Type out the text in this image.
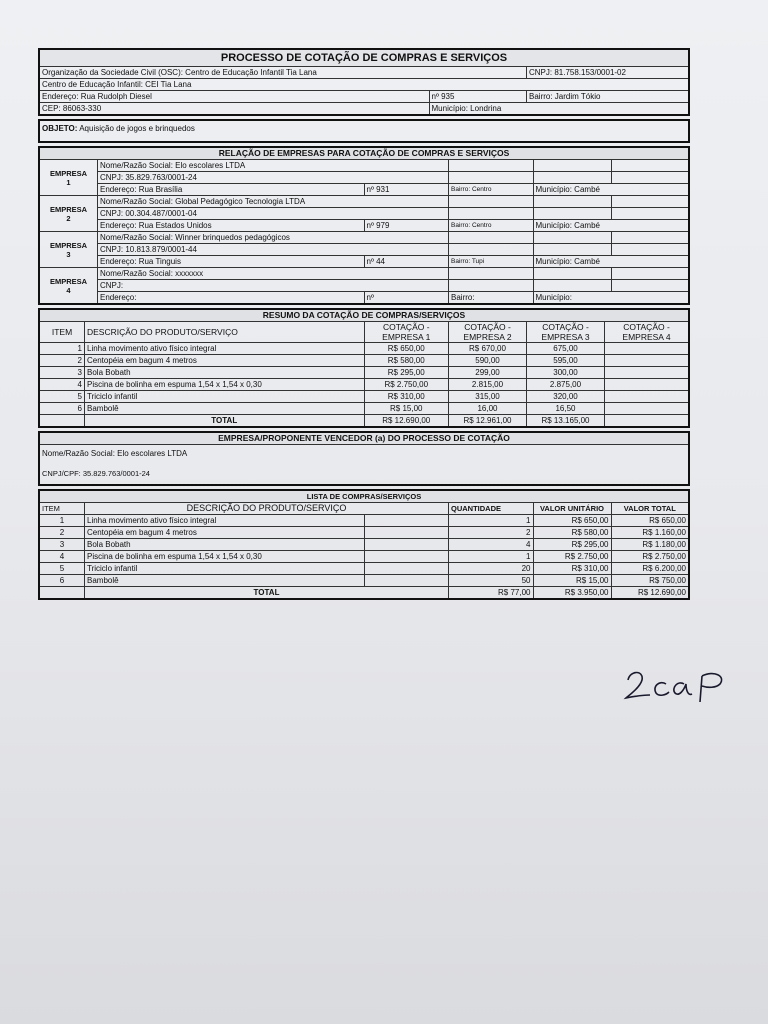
PROCESSO DE COTAÇÃO DE COMPRAS E SERVIÇOS		
Organização da Sociedade Civil (OSC): Centro de Educação Infantil Tia Lana		CNPJ: 81.758.153/0001-02
Centro de Educação Infantil: CEI Tia Lana		
Endereço: Rua Rudolph Diesel	nº 935	Bairro: Jardim Tókio
CEP: 86063-330	Município: Londrina	
OBJETO: Aquisição de jogos e brinquedos
RELAÇÃO DE EMPRESAS PARA COTAÇÃO DE COMPRAS E SERVIÇOS					
EMPRESA
1	Nome/Razão Social: Elo escolares LTDA				
	CNPJ: 35.829.763/0001-24				
	Endereço: Rua Brasília	nº 931	Bairro: Centro	Município: Cambé	
EMPRESA
2	Nome/Razão Social: Global Pedagógico Tecnologia LTDA				
	CNPJ: 00.304.487/0001-04				
	Endereço: Rua Estados Unidos	nº 979	Bairro: Centro	Município: Cambé	
EMPRESA
3	Nome/Razão Social: Winner brinquedos pedagógicos				
	CNPJ: 10.813.879/0001-44				
	Endereço: Rua Tinguis	nº 44	Bairro: Tupi	Município: Cambé	
EMPRESA
4	Nome/Razão Social: xxxxxxx				
	CNPJ:				
	Endereço:	nº	Bairro:	Município:	
RESUMO DA COTAÇÃO DE COMPRAS/SERVIÇOS					
ITEM	DESCRIÇÃO DO PRODUTO/SERVIÇO	COTAÇÃO - EMPRESA 1	COTAÇÃO - EMPRESA 2	COTAÇÃO - EMPRESA 3	COTAÇÃO - EMPRESA 4
1	Linha movimento ativo físico integral	R$ 650,00	R$ 670,00	675,00	
2	Centopéia em bagum 4 metros	R$ 580,00	590,00	595,00	
3	Bola Bobath	R$ 295,00	299,00	300,00	
4	Piscina de bolinha em espuma 1,54 x 1,54 x 0,30	R$ 2.750,00	2.815,00	2.875,00	
5	Triciclo infantil	R$ 310,00	315,00	320,00	
6	Bambolê	R$ 15,00	16,00	16,50	
	TOTAL	R$ 12.690,00	R$ 12.961,00	R$ 13.165,00	
EMPRESA/PROPONENTE VENCEDOR (a) DO PROCESSO DE COTAÇÃO

Nome/Razão Social: Elo escolares LTDA
CNPJ/CPF: 35.829.763/0001-24
LISTA DE COMPRAS/SERVIÇOS					
ITEM	DESCRIÇÃO DO PRODUTO/SERVIÇO		QUANTIDADE	VALOR UNITÁRIO	VALOR TOTAL
1	Linha movimento ativo físico integral		1	R$ 650,00	R$ 650,00
2	Centopéia em bagum 4 metros		2	R$ 580,00	R$ 1.160,00
3	Bola Bobath		4	R$ 295,00	R$ 1.180,00
4	Piscina de bolinha em espuma 1,54 x 1,54 x 0,30		1	R$ 2.750,00	R$ 2.750,00
5	Triciclo infantil		20	R$ 310,00	R$ 6.200,00
6	Bambolê		50	R$ 15,00	R$ 750,00
	TOTAL		R$ 77,00	R$ 3.950,00	R$ 12.690,00
